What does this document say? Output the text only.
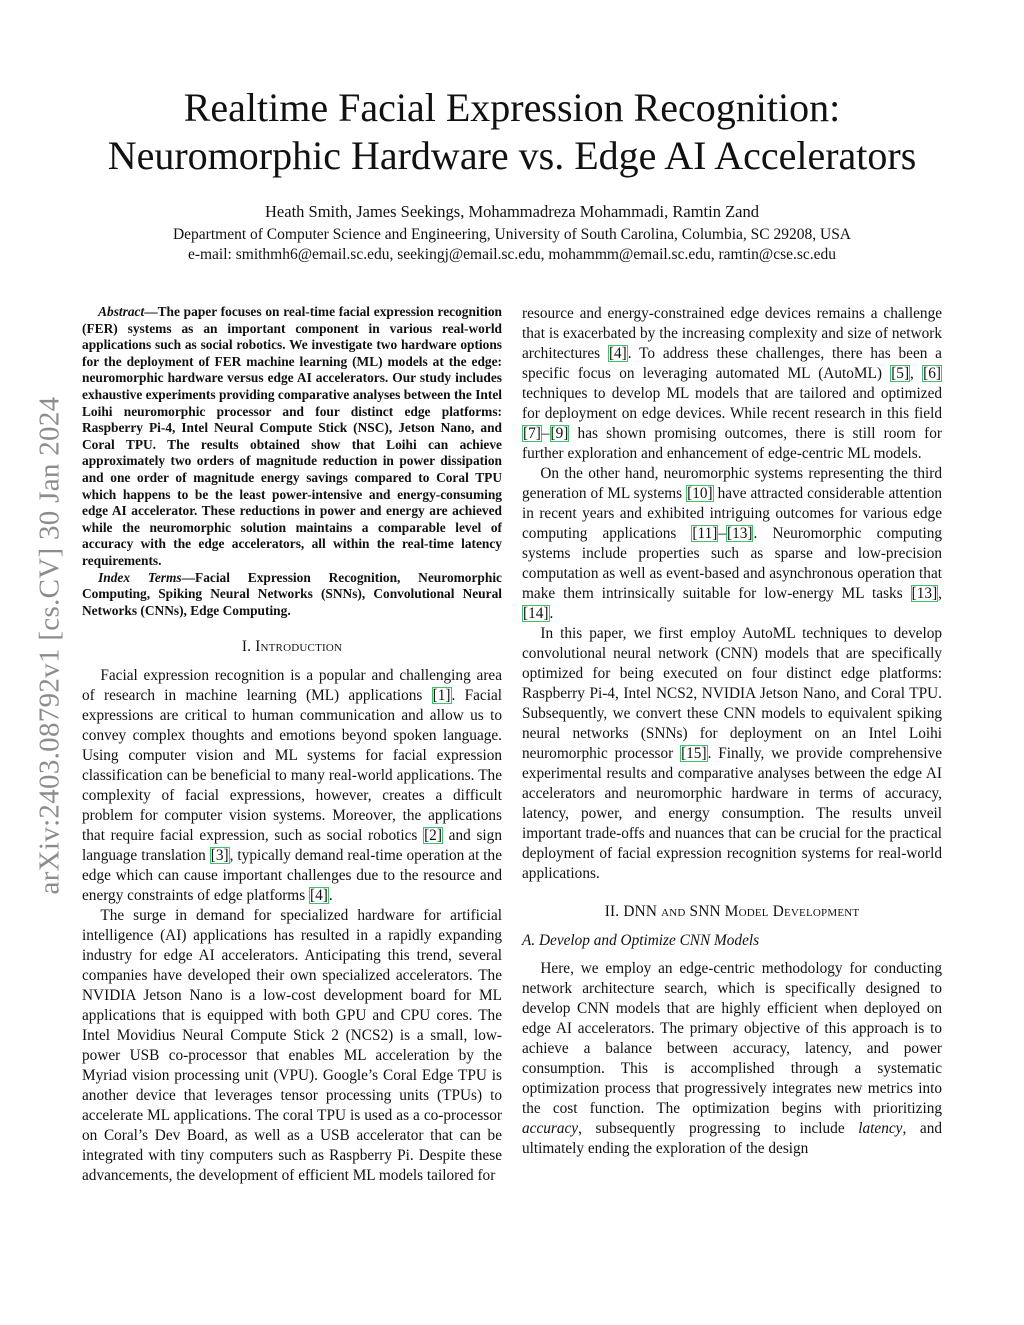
arXiv:2403.08792v1 [cs.CV] 30 Jan 2024
Realtime Facial Expression Recognition:
Neuromorphic Hardware vs. Edge AI Accelerators
Heath Smith, James Seekings, Mohammadreza Mohammadi, Ramtin Zand
Department of Computer Science and Engineering, University of South Carolina, Columbia, SC 29208, USA
e-mail: smithmh6@email.sc.edu, seekingj@email.sc.edu, mohammm@email.sc.edu, ramtin@cse.sc.edu

Abstract—The paper focuses on real-time facial expression recognition (FER) systems as an important component in various real-world applications such as social robotics. We investigate two hardware options for the deployment of FER machine learning (ML) models at the edge: neuromorphic hardware versus edge AI accelerators. Our study includes exhaustive experiments providing comparative analyses between the Intel Loihi neuromorphic processor and four distinct edge platforms: Raspberry Pi-4, Intel Neural Compute Stick (NSC), Jetson Nano, and Coral TPU. The results obtained show that Loihi can achieve approximately two orders of magnitude reduction in power dissipation and one order of magnitude energy savings compared to Coral TPU which happens to be the least power-intensive and energy-consuming edge AI accelerator. These reductions in power and energy are achieved while the neuromorphic solution maintains a comparable level of accuracy with the edge accelerators, all within the real-time latency requirements.

Index Terms—Facial Expression Recognition, Neuromorphic Computing, Spiking Neural Networks (SNNs), Convolutional Neural Networks (CNNs), Edge Computing.

I. Introduction

Facial expression recognition is a popular and challenging area of research in machine learning (ML) applications [1]. Facial expressions are critical to human communication and allow us to convey complex thoughts and emotions beyond spoken language. Using computer vision and ML systems for facial expression classification can be beneficial to many real-world applications. The complexity of facial expressions, however, creates a difficult problem for computer vision systems. Moreover, the applications that require facial expression, such as social robotics [2] and sign language translation [3], typically demand real-time operation at the edge which can cause important challenges due to the resource and energy constraints of edge platforms [4].

The surge in demand for specialized hardware for artificial intelligence (AI) applications has resulted in a rapidly expanding industry for edge AI accelerators. Anticipating this trend, several companies have developed their own specialized accelerators. The NVIDIA Jetson Nano is a low-cost development board for ML applications that is equipped with both GPU and CPU cores. The Intel Movidius Neural Compute Stick 2 (NCS2) is a small, low-power USB co-processor that enables ML acceleration by the Myriad vision processing unit (VPU). Google’s Coral Edge TPU is another device that leverages tensor processing units (TPUs) to accelerate ML applications. The coral TPU is used as a co-processor on Coral’s Dev Board, as well as a USB accelerator that can be integrated with tiny computers such as Raspberry Pi. Despite these advancements, the development of efficient ML models tailored for

resource and energy-constrained edge devices remains a challenge that is exacerbated by the increasing complexity and size of network architectures [4]. To address these challenges, there has been a specific focus on leveraging automated ML (AutoML) [5], [6] techniques to develop ML models that are tailored and optimized for deployment on edge devices. While recent research in this field [7]–[9] has shown promising outcomes, there is still room for further exploration and enhancement of edge-centric ML models.

On the other hand, neuromorphic systems representing the third generation of ML systems [10] have attracted considerable attention in recent years and exhibited intriguing outcomes for various edge computing applications [11]–[13]. Neuromorphic computing systems include properties such as sparse and low-precision computation as well as event-based and asynchronous operation that make them intrinsically suitable for low-energy ML tasks [13], [14].

In this paper, we first employ AutoML techniques to develop convolutional neural network (CNN) models that are specifically optimized for being executed on four distinct edge platforms: Raspberry Pi-4, Intel NCS2, NVIDIA Jetson Nano, and Coral TPU. Subsequently, we convert these CNN models to equivalent spiking neural networks (SNNs) for deployment on an Intel Loihi neuromorphic processor [15]. Finally, we provide comprehensive experimental results and comparative analyses between the edge AI accelerators and neuromorphic hardware in terms of accuracy, latency, power, and energy consumption. The results unveil important trade-offs and nuances that can be crucial for the practical deployment of facial expression recognition systems for real-world applications.

II. DNN and SNN Model Development
A. Develop and Optimize CNN Models

Here, we employ an edge-centric methodology for conducting network architecture search, which is specifically designed to develop CNN models that are highly efficient when deployed on edge AI accelerators. The primary objective of this approach is to achieve a balance between accuracy, latency, and power consumption. This is accomplished through a systematic optimization process that progressively integrates new metrics into the cost function. The optimization begins with prioritizing accuracy, subsequently progressing to include latency, and ultimately ending the exploration of the design
